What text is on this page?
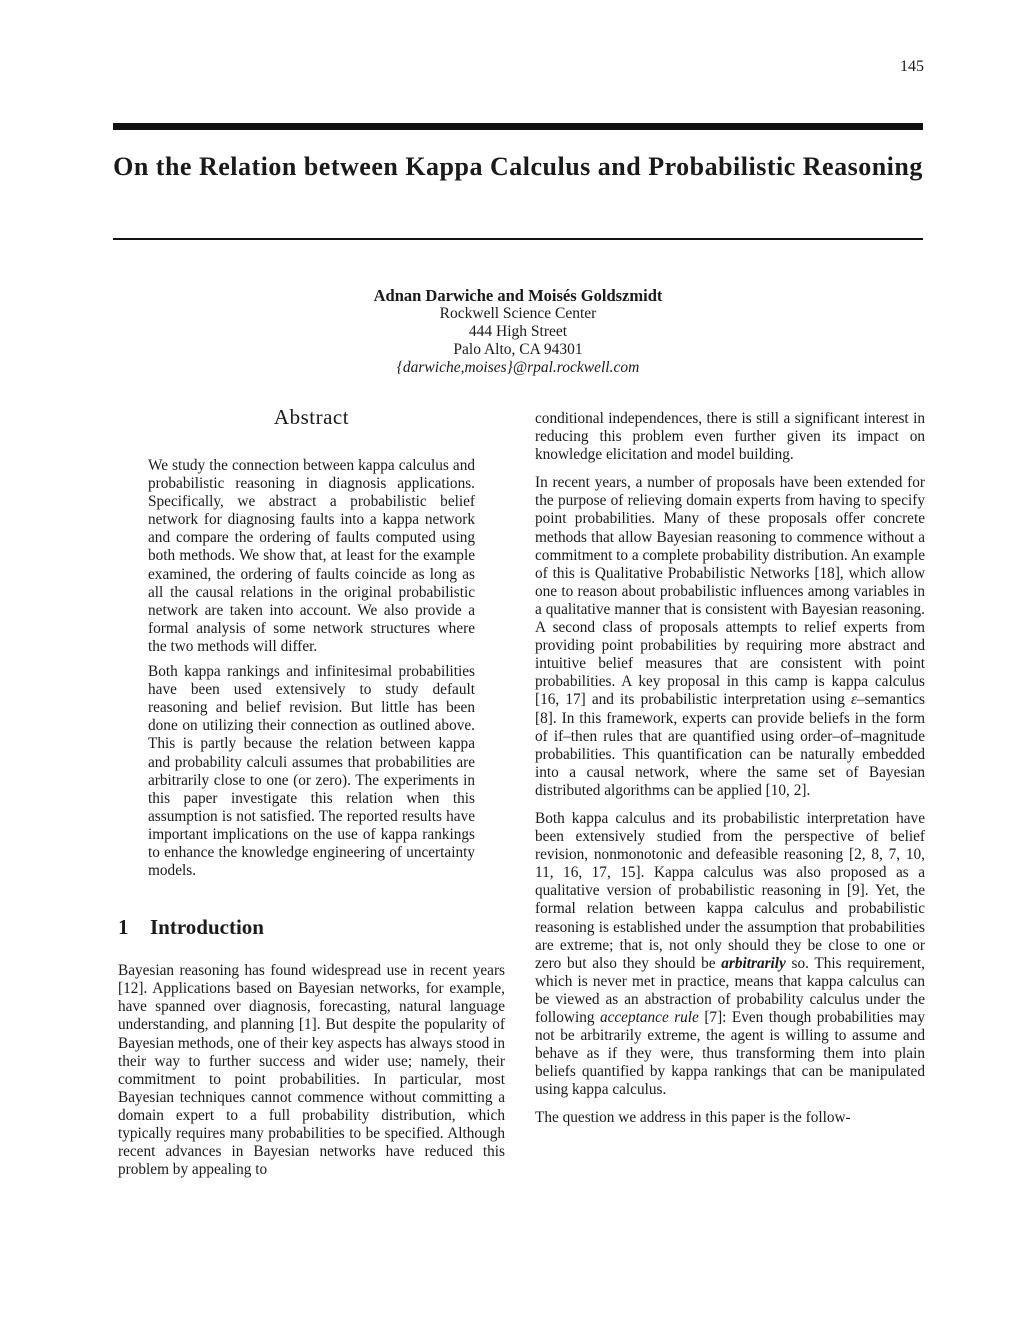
145
On the Relation between Kappa Calculus and Probabilistic Reasoning
Adnan Darwiche and Moisés Goldszmidt
Rockwell Science Center
444 High Street
Palo Alto, CA 94301
{darwiche,moises}@rpal.rockwell.com
Abstract

We study the connection between kappa calculus and probabilistic reasoning in diagnosis applications. Specifically, we abstract a probabilistic belief network for diagnosing faults into a kappa network and compare the ordering of faults computed using both methods. We show that, at least for the example examined, the ordering of faults coincide as long as all the causal relations in the original probabilistic network are taken into account. We also provide a formal analysis of some network structures where the two methods will differ.

Both kappa rankings and infinitesimal probabilities have been used extensively to study default reasoning and belief revision. But little has been done on utilizing their connection as outlined above. This is partly because the relation between kappa and probability calculi assumes that probabilities are arbitrarily close to one (or zero). The experiments in this paper investigate this relation when this assumption is not satisfied. The reported results have important implications on the use of kappa rankings to enhance the knowledge engineering of uncertainty models.

1 Introduction

Bayesian reasoning has found widespread use in recent years [12]. Applications based on Bayesian networks, for example, have spanned over diagnosis, forecasting, natural language understanding, and planning [1]. But despite the popularity of Bayesian methods, one of their key aspects has always stood in their way to further success and wider use; namely, their commitment to point probabilities. In particular, most Bayesian techniques cannot commence without committing a domain expert to a full probability distribution, which typically requires many probabilities to be specified. Although recent advances in Bayesian networks have reduced this problem by appealing to

conditional independences, there is still a significant interest in reducing this problem even further given its impact on knowledge elicitation and model building.

In recent years, a number of proposals have been extended for the purpose of relieving domain experts from having to specify point probabilities. Many of these proposals offer concrete methods that allow Bayesian reasoning to commence without a commitment to a complete probability distribution. An example of this is Qualitative Probabilistic Networks [18], which allow one to reason about probabilistic influences among variables in a qualitative manner that is consistent with Bayesian reasoning. A second class of proposals attempts to relief experts from providing point probabilities by requiring more abstract and intuitive belief measures that are consistent with point probabilities. A key proposal in this camp is kappa calculus [16, 17] and its probabilistic interpretation using ε–semantics [8]. In this framework, experts can provide beliefs in the form of if–then rules that are quantified using order–of–magnitude probabilities. This quantification can be naturally embedded into a causal network, where the same set of Bayesian distributed algorithms can be applied [10, 2].

Both kappa calculus and its probabilistic interpretation have been extensively studied from the perspective of belief revision, nonmonotonic and defeasible reasoning [2, 8, 7, 10, 11, 16, 17, 15]. Kappa calculus was also proposed as a qualitative version of probabilistic reasoning in [9]. Yet, the formal relation between kappa calculus and probabilistic reasoning is established under the assumption that probabilities are extreme; that is, not only should they be close to one or zero but also they should be arbitrarily so. This requirement, which is never met in practice, means that kappa calculus can be viewed as an abstraction of probability calculus under the following acceptance rule [7]: Even though probabilities may not be arbitrarily extreme, the agent is willing to assume and behave as if they were, thus transforming them into plain beliefs quantified by kappa rankings that can be manipulated using kappa calculus.

The question we address in this paper is the follow-
